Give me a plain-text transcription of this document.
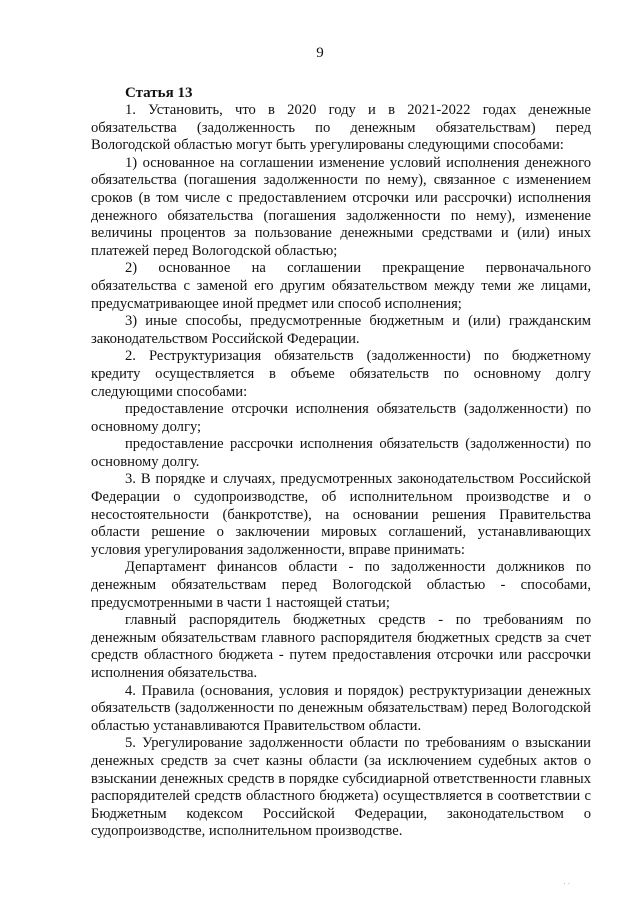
9
Статья 13

1. Установить, что в 2020 году и в 2021-2022 годах денежные обязательства (задолженность по денежным обязательствам) перед Вологодской областью могут быть урегулированы следующими способами:

1) основанное на соглашении изменение условий исполнения денежного обязательства (погашения задолженности по нему), связанное с изменением сроков (в том числе с предоставлением отсрочки или рассрочки) исполнения денежного обязательства (погашения задолженности по нему), изменение величины процентов за пользование денежными средствами и (или) иных платежей перед Вологодской областью;

2) основанное на соглашении прекращение первоначального обязательства с заменой его другим обязательством между теми же лицами, предусматривающее иной предмет или способ исполнения;

3) иные способы, предусмотренные бюджетным и (или) гражданским законодательством Российской Федерации.

2. Реструктуризация обязательств (задолженности) по бюджетному кредиту осуществляется в объеме обязательств по основному долгу следующими способами:

предоставление отсрочки исполнения обязательств (задолженности) по основному долгу;

предоставление рассрочки исполнения обязательств (задолженности) по основному долгу.

3. В порядке и случаях, предусмотренных законодательством Российской Федерации о судопроизводстве, об исполнительном производстве и о несостоятельности (банкротстве), на основании решения Правительства области решение о заключении мировых соглашений, устанавливающих условия урегулирования задолженности, вправе принимать:

Департамент финансов области - по задолженности должников по денежным обязательствам перед Вологодской областью - способами, предусмотренными в части 1 настоящей статьи;

главный распорядитель бюджетных средств - по требованиям по денежным обязательствам главного распорядителя бюджетных средств за счет средств областного бюджета - путем предоставления отсрочки или рассрочки исполнения обязательства.

4. Правила (основания, условия и порядок) реструктуризации денежных обязательств (задолженности по денежным обязательствам) перед Вологодской областью устанавливаются Правительством области.

5. Урегулирование задолженности области по требованиям о взыскании денежных средств за счет казны области (за исключением судебных актов о взыскании денежных средств в порядке субсидиарной ответственности главных распорядителей средств областного бюджета) осуществляется в соответствии с Бюджетным кодексом Российской Федерации, законодательством о судопроизводстве, исполнительном производстве.

· ·
